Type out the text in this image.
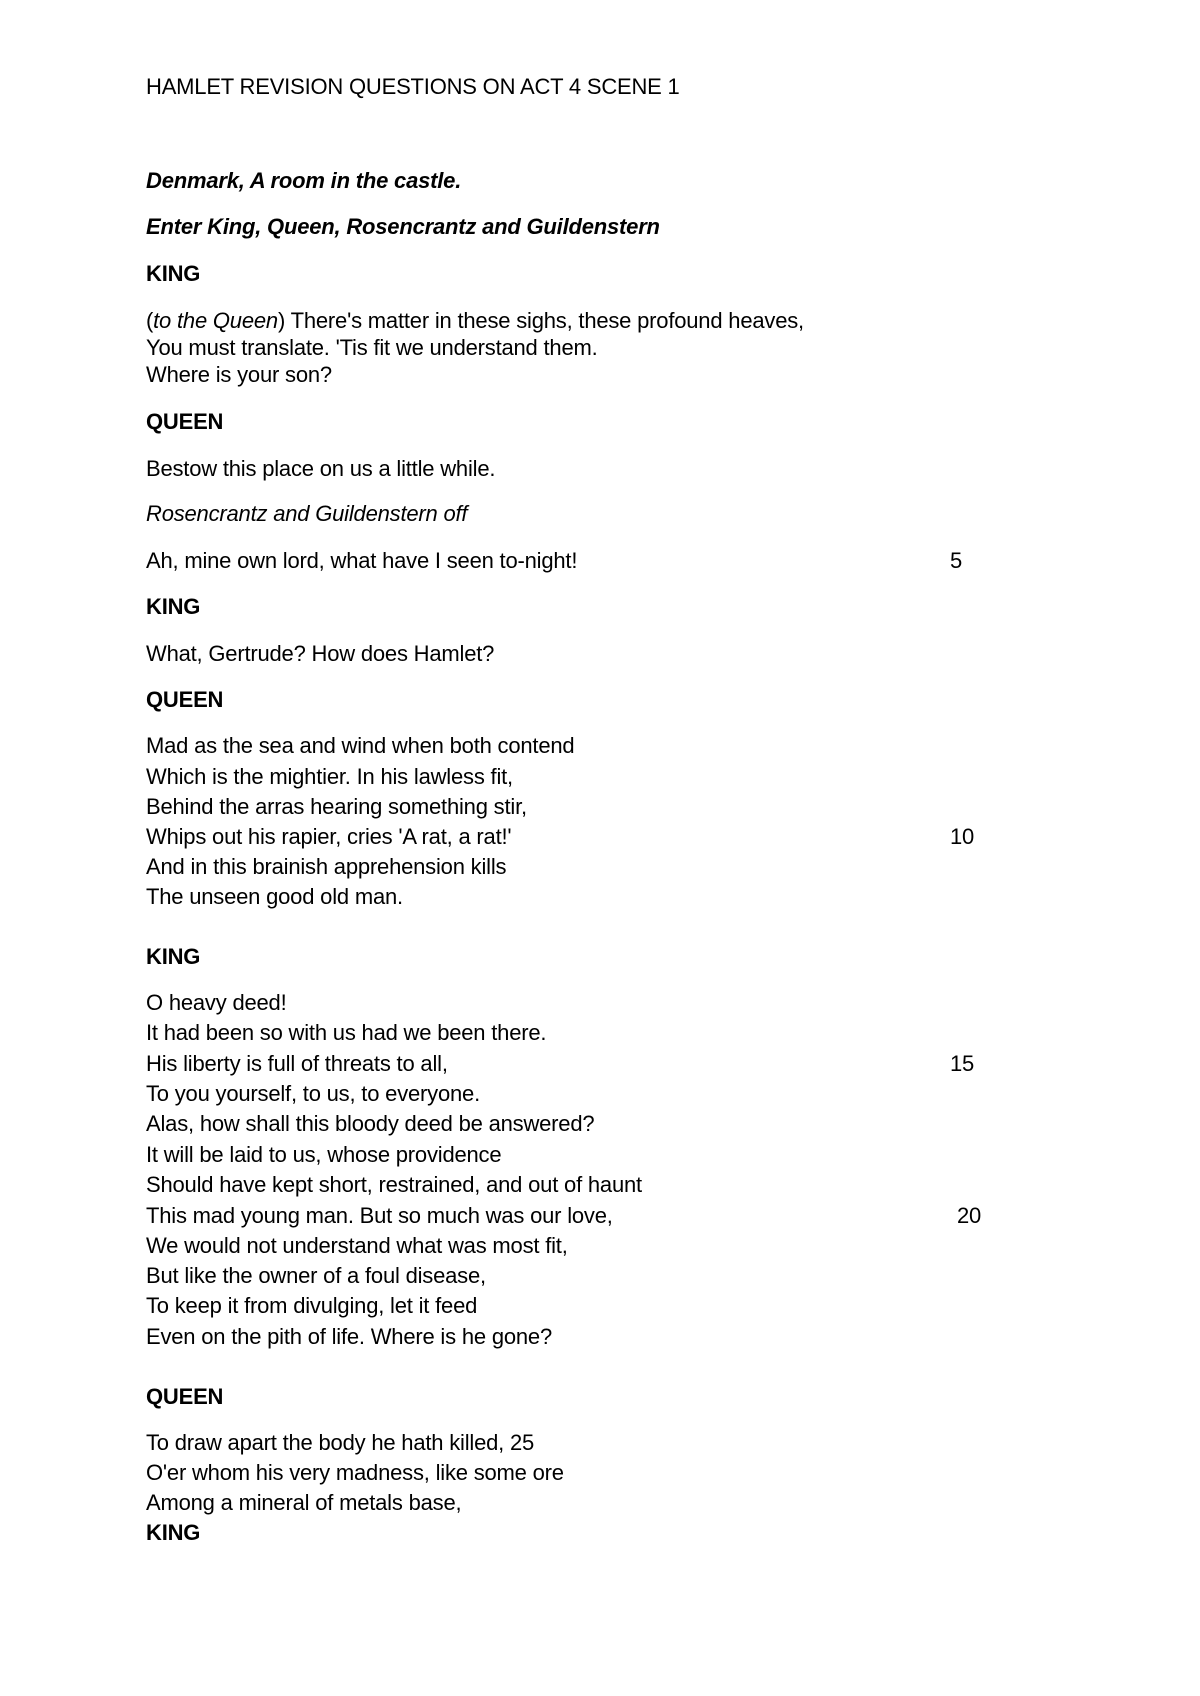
HAMLET REVISION QUESTIONS ON ACT 4 SCENE 1
Denmark, A room in the castle.
Enter King, Queen, Rosencrantz and Guildenstern
KING
(to the Queen) There's matter in these sighs, these profound heaves,
You must translate. 'Tis fit we understand them.
Where is your son?
QUEEN
Bestow this place on us a little while.
Rosencrantz and Guildenstern off
Ah, mine own lord, what have I seen to-night!	5
KING
What, Gertrude? How does Hamlet?
QUEEN
Mad as the sea and wind when both contend
Which is the mightier. In his lawless fit,
Behind the arras hearing something stir,
Whips out his rapier, cries 'A rat, a rat!'	10
And in this brainish apprehension kills
The unseen good old man.
KING
O heavy deed!
It had been so with us had we been there.
His liberty is full of threats to all,	15
To you yourself, to us, to everyone.
Alas, how shall this bloody deed be answered?
It will be laid to us, whose providence
Should have kept short, restrained, and out of haunt
This mad young man. But so much was our love,	20
We would not understand what was most fit,
But like the owner of a foul disease,
To keep it from divulging, let it feed
Even on the pith of life. Where is he gone?
QUEEN
To draw apart the body he hath killed, 25
O'er whom his very madness, like some ore
Among a mineral of metals base,
KING
